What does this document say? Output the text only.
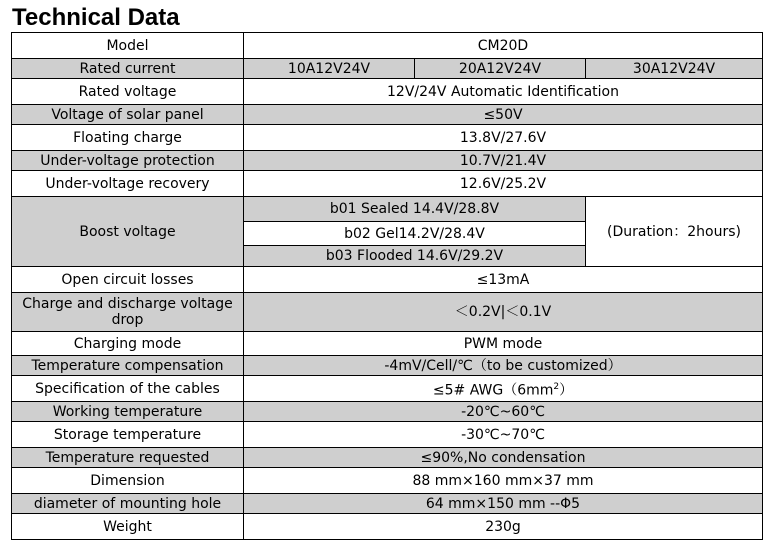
Technical Data
Model	CM20D		
Rated current	10A12V24V	20A12V24V	30A12V24V
Rated voltage	12V/24V Automatic Identification		
Voltage of solar panel	≤50V		
Floating charge	13.8V/27.6V		
Under-voltage protection	10.7V/21.4V		
Under-voltage recovery	12.6V/25.2V		
Boost voltage	b01 Sealed 14.4V/28.8V		(Duration：2hours)
	b02 Gel14.2V/28.4V		
	b03 Flooded 14.6V/29.2V		
Open circuit losses	≤13mA		
Charge and discharge voltage drop	＜0.2V|＜0.1V		
Charging mode	PWM mode		
Temperature compensation	-4mV/Cell/℃（to be customized）		
Specification of the cables	≤5# $AWG(6mm^2)$		
Working temperature	-20℃~60℃		
Storage temperature	-30℃~70℃		
Temperature requested	≤90%,No condensation		
Dimension	88 mm×160 mm×37 mm		
diameter of mounting hole	64 mm×150 mm --Φ5		
Weight	230g		
